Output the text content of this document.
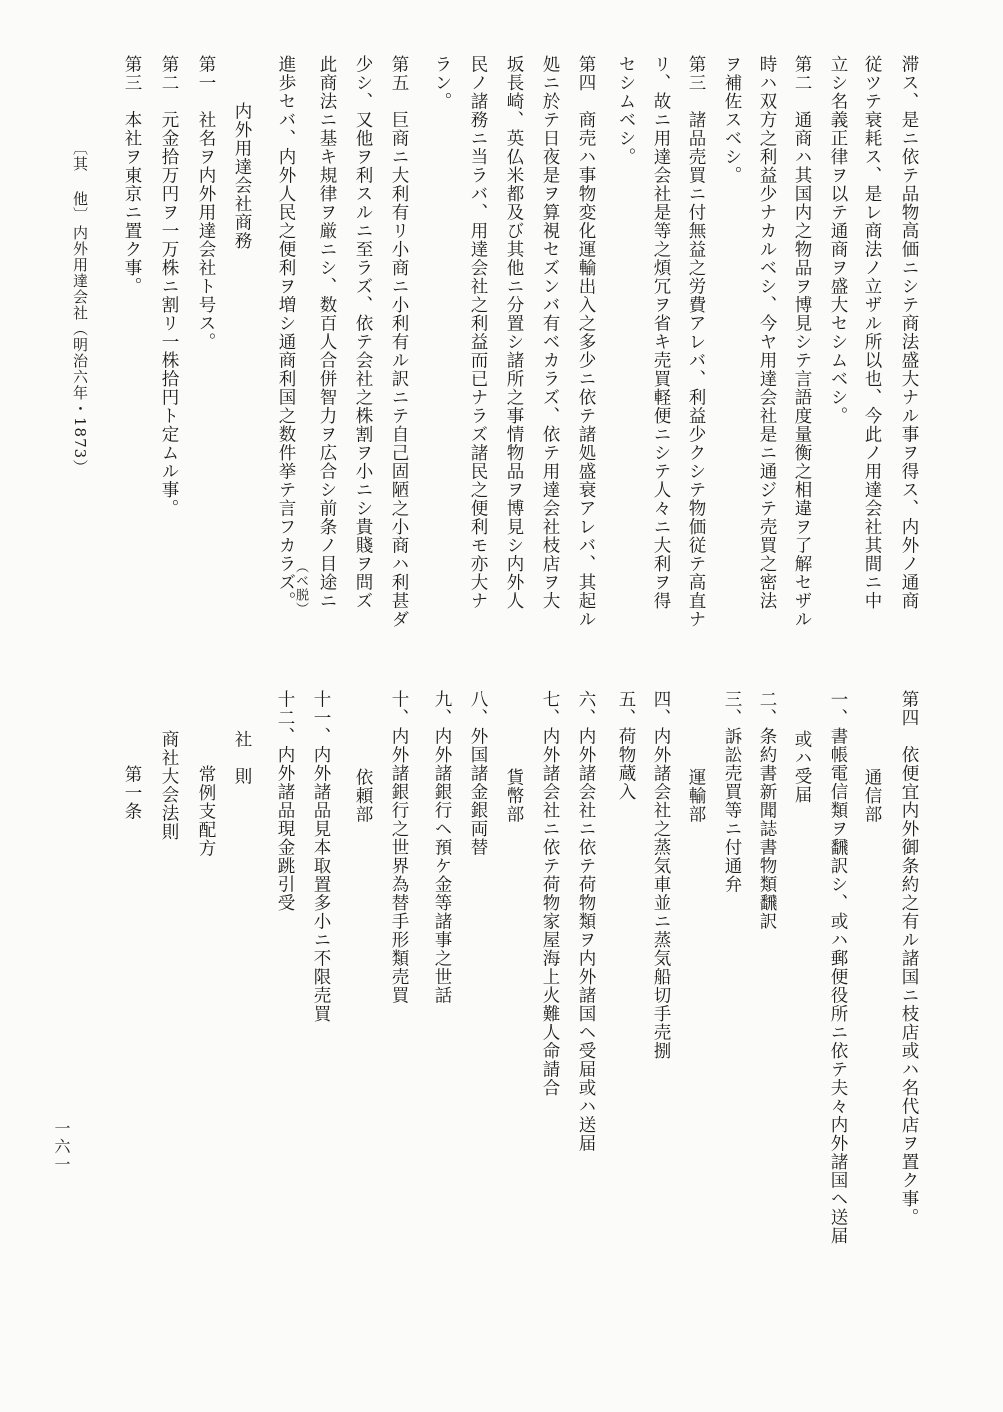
滞ス、是ニ依テ品物高価ニシテ商法盛大ナル事ヲ得ス、内外ノ通商
従ツテ衰耗ス、是レ商法ノ立ザル所以也、今此ノ用達会社其間ニ中
立シ名義正律ヲ以テ通商ヲ盛大セシムベシ。
第二　通商ハ其国内之物品ヲ博見シテ言語度量衡之相違ヲ了解セザル
時ハ双方之利益少ナカルベシ、今ヤ用達会社是ニ通ジテ売買之密法
ヲ補佐スベシ。
第三　諸品売買ニ付無益之労費アレバ、利益少クシテ物価従テ高直ナ
リ、故ニ用達会社是等之煩冗ヲ省キ売買軽便ニシテ人々ニ大利ヲ得
セシムベシ。
第四　商売ハ事物変化運輸出入之多少ニ依テ諸処盛衰アレバ、其起ル
処ニ於テ日夜是ヲ算視セズンバ有ベカラズ、依テ用達会社枝店ヲ大
坂長崎、英仏米都及び其他ニ分置シ諸所之事情物品ヲ博見シ内外人
民ノ諸務ニ当ラバ、用達会社之利益而已ナラズ諸民之便利モ亦大ナ
ラン。
第五　巨商ニ大利有リ小商ニ小利有ル訳ニテ自己固陋之小商ハ利甚ダ
少シ、又他ヲ利スルニ至ラズ、依テ会社之株割ヲ小ニシ貴賤ヲ問ズ
此商法ニ基キ規律ヲ厳ニシ、数百人合併智力ヲ広合シ前条ノ目途ニ
（ベ脱）
進歩セバ、内外人民之便利ヲ増シ通商利国之数件挙テ言フカラズ。
内外用達会社商務
第一　社名ヲ内外用達会社ト号ス。
第二　元金拾万円ヲ一万株ニ割リ一株拾円ト定ムル事。
第三　本社ヲ東京ニ置ク事。
〔其 他〕
内外用達会社（明治六年・1873）
第四　依便宜内外御条約之有ル諸国ニ枝店或ハ名代店ヲ置ク事。
通信部
一、書帳電信類ヲ飜訳シ、或ハ郵便役所ニ依テ夫々内外諸国ヘ送届
或ハ受届
二、条約書新聞誌書物類飜訳
三、訴訟売買等ニ付通弁
運輸部
四、内外諸会社之蒸気車並ニ蒸気船切手売捌
五、荷物蔵入
六、内外諸会社ニ依テ荷物類ヲ内外諸国ヘ受届或ハ送届
七、内外諸会社ニ依テ荷物家屋海上火難人命請合
貨幣部
八、外国諸金銀両替
九、内外諸銀行ヘ預ケ金等諸事之世話
十、内外諸銀行之世界為替手形類売買
依頼部
十一、内外諸品見本取置多小ニ不限売買
十二、内外諸品現金跳引受
社　則
常例支配方
商社大会法則
第一条
一六一
